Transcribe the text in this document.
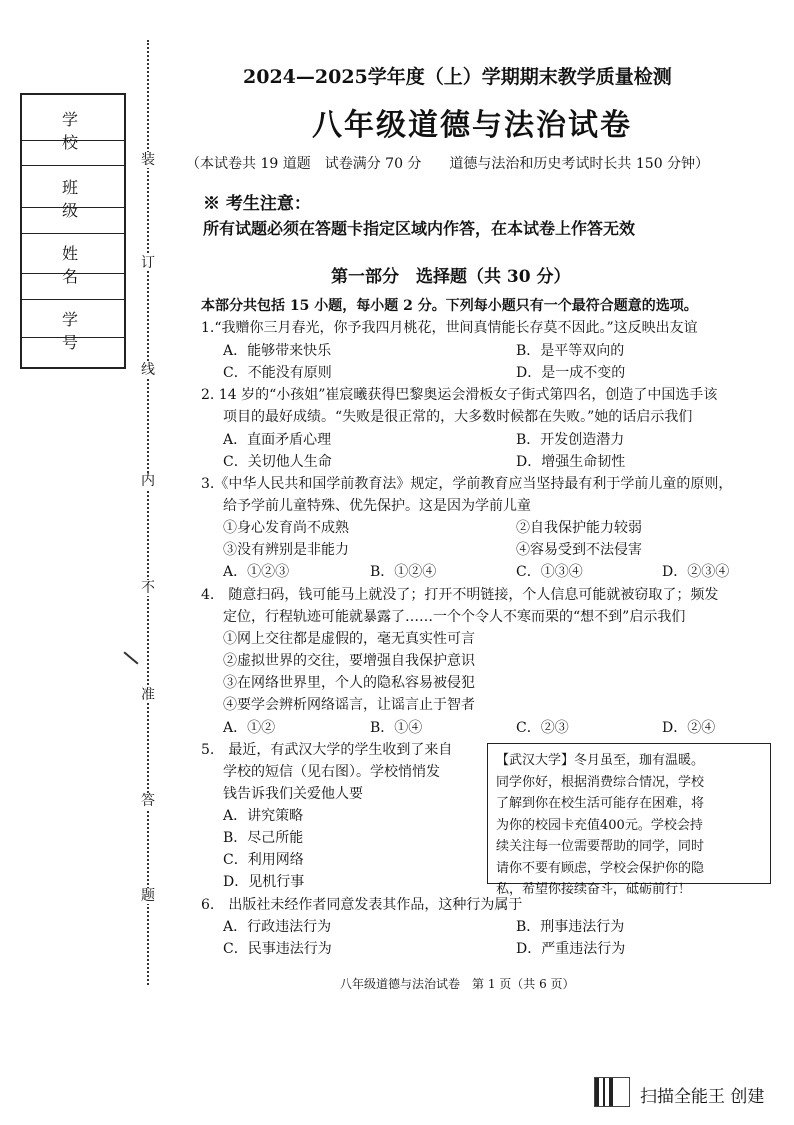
学 校
班 级
姓 名
学 号
装
订
线
内
不
准
答
题
2024—2025学年度（上）学期期末教学质量检测
八年级道德与法治试卷
（本试卷共 19 道题　试卷满分 70 分　　道德与法治和历史考试时长共 150 分钟）
※ 考生注意：
所有试题必须在答题卡指定区域内作答，在本试卷上作答无效
第一部分　选择题（共 30 分）
本部分共包括 15 小题，每小题 2 分。下列每小题只有一个最符合题意的选项。
1.“我赠你三月春光，你予我四月桃花，世间真情能长存莫不因此。”这反映出友谊
A．能够带来快乐	B．是平等双向的
C．不能没有原则	D．是一成不变的
2. 14 岁的“小孩姐”崔宸曦获得巴黎奥运会滑板女子街式第四名，创造了中国选手该
项目的最好成绩。“失败是很正常的，大多数时候都在失败。”她的话启示我们
A．直面矛盾心理	B．开发创造潜力
C．关切他人生命	D．增强生命韧性
3.《中华人民共和国学前教育法》规定，学前教育应当坚持最有利于学前儿童的原则，
给予学前儿童特殊、优先保护。这是因为学前儿童
①身心发育尚不成熟	②自我保护能力较弱
③没有辨别是非能力	④容易受到不法侵害
A．①②③	B．①②④	C．①③④	D．②③④
4.　随意扫码，钱可能马上就没了；打开不明链接，个人信息可能就被窃取了；频发
定位，行程轨迹可能就暴露了……一个个令人不寒而栗的“想不到”启示我们
①网上交往都是虚假的，毫无真实性可言
②虚拟世界的交往，要增强自我保护意识
③在网络世界里，个人的隐私容易被侵犯
④要学会辨析网络谣言，让谣言止于智者
A．①②	B．①④	C．②③	D．②④
5.　最近，有武汉大学的学生收到了来自
学校的短信（见右图）。学校悄悄发
钱告诉我们关爱他人要
A．讲究策略
B．尽己所能
C．利用网络
D．见机行事
【武汉大学】冬月虽至，珈有温暖。
同学你好，根据消费综合情况，学校
了解到你在校生活可能存在困难，将
为你的校园卡充值400元。学校会持
续关注每一位需要帮助的同学，同时
请你不要有顾虑，学校会保护你的隐
私，希望你接续奋斗，砥砺前行！
6.　出版社未经作者同意发表其作品，这种行为属于
A．行政违法行为	B．刑事违法行为
C．民事违法行为	D．严重违法行为
八年级道德与法治试卷　第 1 页（共 6 页）
扫描全能王 创建
